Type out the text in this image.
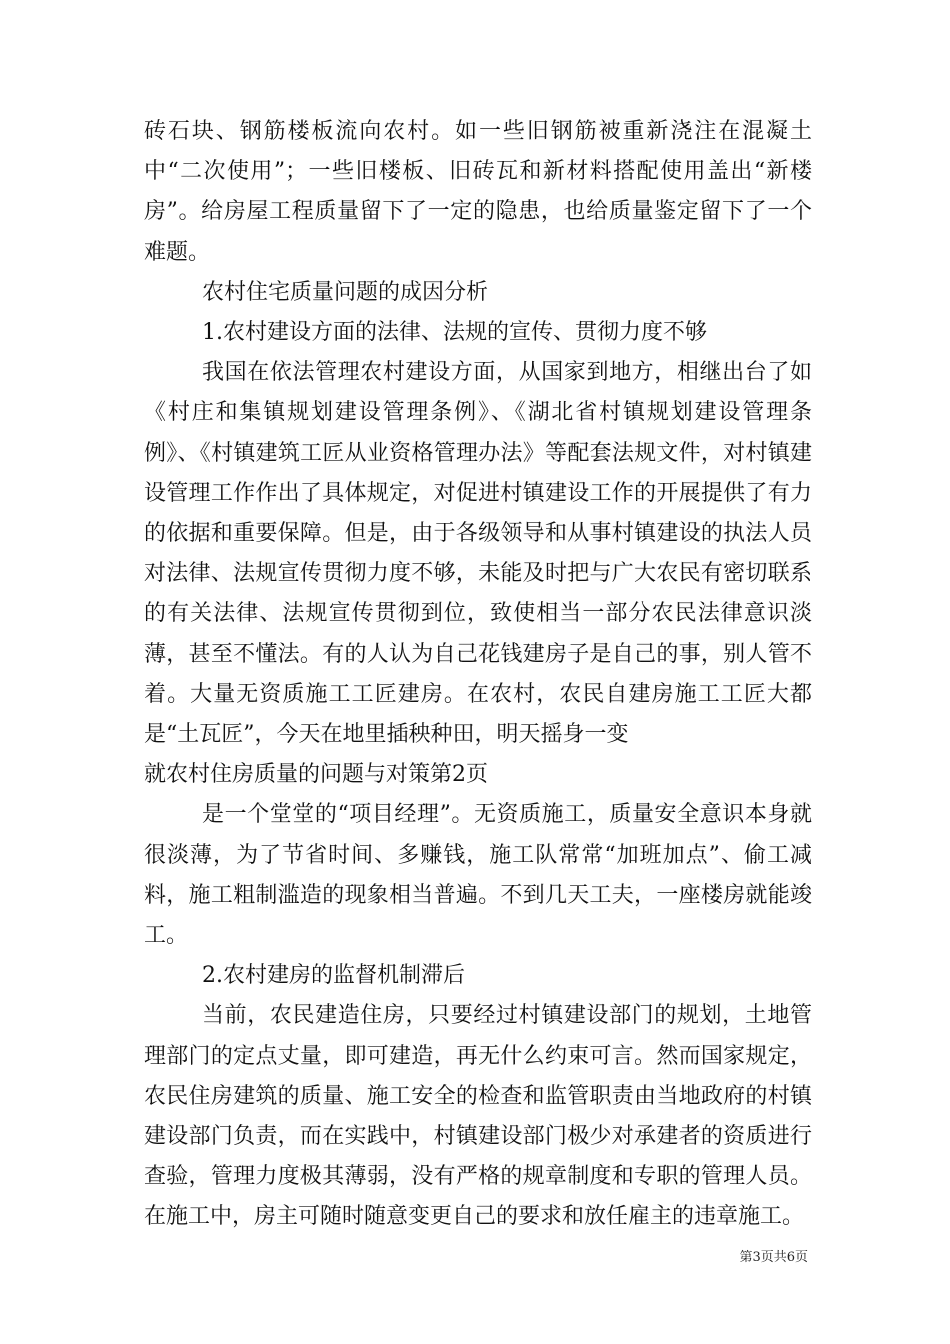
砖石块、钢筋楼板流向农村。如一些旧钢筋被重新浇注在混凝土中“二次使用”；一些旧楼板、旧砖瓦和新材料搭配使用盖出“新楼房”。给房屋工程质量留下了一定的隐患，也给质量鉴定留下了一个难题。

农村住宅质量问题的成因分析

1.农村建设方面的法律、法规的宣传、贯彻力度不够

我国在依法管理农村建设方面，从国家到地方，相继出台了如《村庄和集镇规划建设管理条例》、《湖北省村镇规划建设管理条例》、《村镇建筑工匠从业资格管理办法》等配套法规文件，对村镇建设管理工作作出了具体规定，对促进村镇建设工作的开展提供了有力的依据和重要保障。但是，由于各级领导和从事村镇建设的执法人员对法律、法规宣传贯彻力度不够，未能及时把与广大农民有密切联系的有关法律、法规宣传贯彻到位，致使相当一部分农民法律意识淡薄，甚至不懂法。有的人认为自己花钱建房子是自己的事，别人管不着。大量无资质施工工匠建房。在农村，农民自建房施工工匠大都是“土瓦匠”，今天在地里插秧种田，明天摇身一变

就农村住房质量的问题与对策第2页

是一个堂堂的“项目经理”。无资质施工，质量安全意识本身就很淡薄，为了节省时间、多赚钱，施工队常常“加班加点”、偷工减料，施工粗制滥造的现象相当普遍。不到几天工夫，一座楼房就能竣工。

2.农村建房的监督机制滞后

当前，农民建造住房，只要经过村镇建设部门的规划，土地管理部门的定点丈量，即可建造，再无什么约束可言。然而国家规定，农民住房建筑的质量、施工安全的检查和监管职责由当地政府的村镇建设部门负责，而在实践中，村镇建设部门极少对承建者的资质进行查验，管理力度极其薄弱，没有严格的规章制度和专职的管理人员。在施工中，房主可随时随意变更自己的要求和放任雇主的违章施工。

第3页共6页
